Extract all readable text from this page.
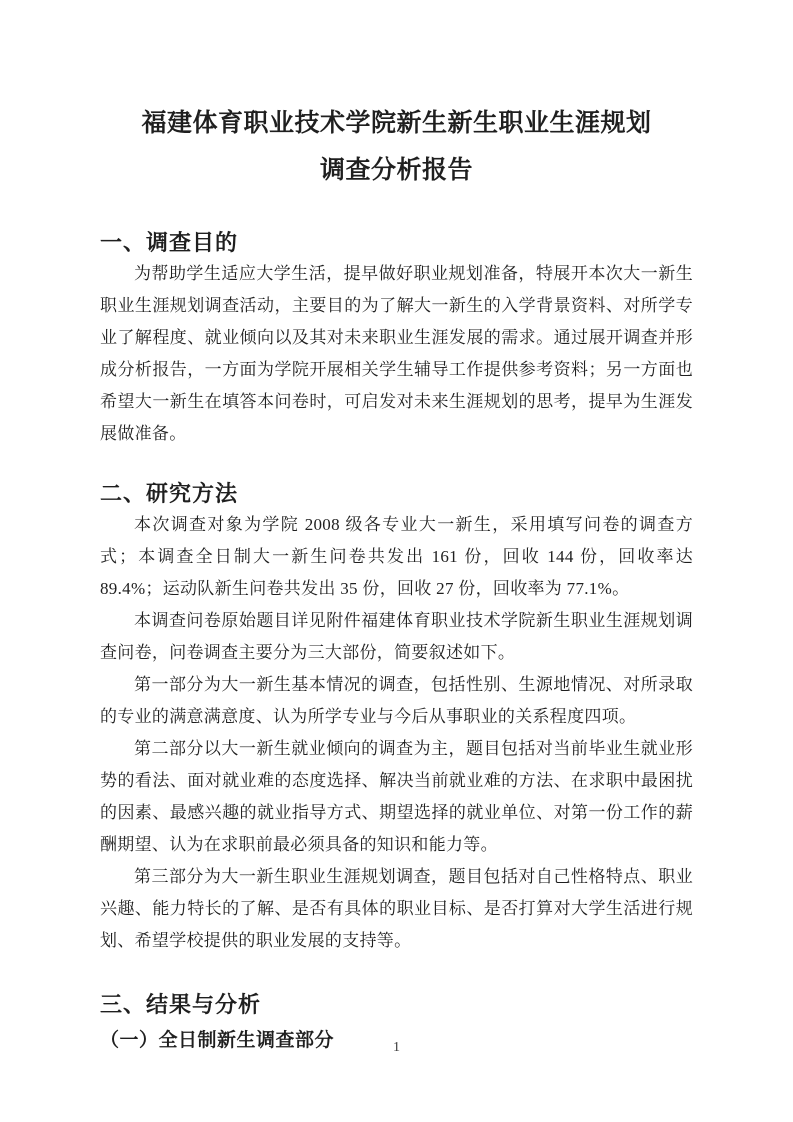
福建体育职业技术学院新生新生职业生涯规划
调查分析报告
一、调查目的

为帮助学生适应大学生活，提早做好职业规划准备，特展开本次大一新生职业生涯规划调查活动，主要目的为了解大一新生的入学背景资料、对所学专业了解程度、就业倾向以及其对未来职业生涯发展的需求。通过展开调查并形成分析报告，一方面为学院开展相关学生辅导工作提供参考资料；另一方面也希望大一新生在填答本问卷时，可启发对未来生涯规划的思考，提早为生涯发展做准备。

二、研究方法

本次调查对象为学院 2008 级各专业大一新生，采用填写问卷的调查方式；本调查全日制大一新生问卷共发出 161 份，回收 144 份，回收率达 89.4%；运动队新生问卷共发出 35 份，回收 27 份，回收率为 77.1%。

本调查问卷原始题目详见附件福建体育职业技术学院新生职业生涯规划调查问卷，问卷调查主要分为三大部份，简要叙述如下。

第一部分为大一新生基本情况的调查，包括性别、生源地情况、对所录取的专业的满意满意度、认为所学专业与今后从事职业的关系程度四项。

第二部分以大一新生就业倾向的调查为主，题目包括对当前毕业生就业形势的看法、面对就业难的态度选择、解决当前就业难的方法、在求职中最困扰的因素、最感兴趣的就业指导方式、期望选择的就业单位、对第一份工作的薪酬期望、认为在求职前最必须具备的知识和能力等。

第三部分为大一新生职业生涯规划调查，题目包括对自己性格特点、职业兴趣、能力特长的了解、是否有具体的职业目标、是否打算对大学生活进行规划、希望学校提供的职业发展的支持等。

三、结果与分析
（一）全日制新生调查部分	1
